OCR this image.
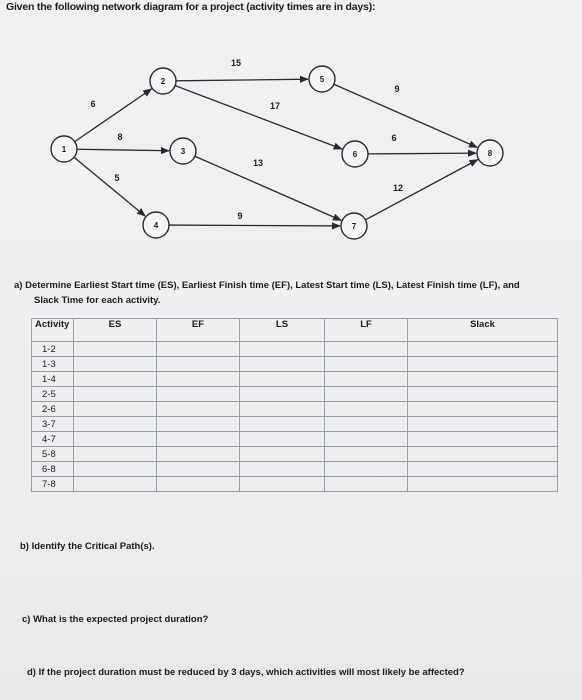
Given the following network diagram for a project (activity times are in days):
6
8
5
15
17
13
9
9
6
12
1
2
3
4
5
6
7
8
a) Determine Earliest Start time (ES), Earliest Finish time (EF), Latest Start time (LS), Latest Finish time (LF), and
Slack Time for each activity.
Activity	ES	EF	LS	LF	Slack
1-2					
1-3					
1-4					
2-5					
2-6					
3-7					
4-7					
5-8					
6-8					
7-8					
b) Identify the Critical Path(s).
c) What is the expected project duration?
d) If the project duration must be reduced by 3 days, which activities will most likely be affected?
